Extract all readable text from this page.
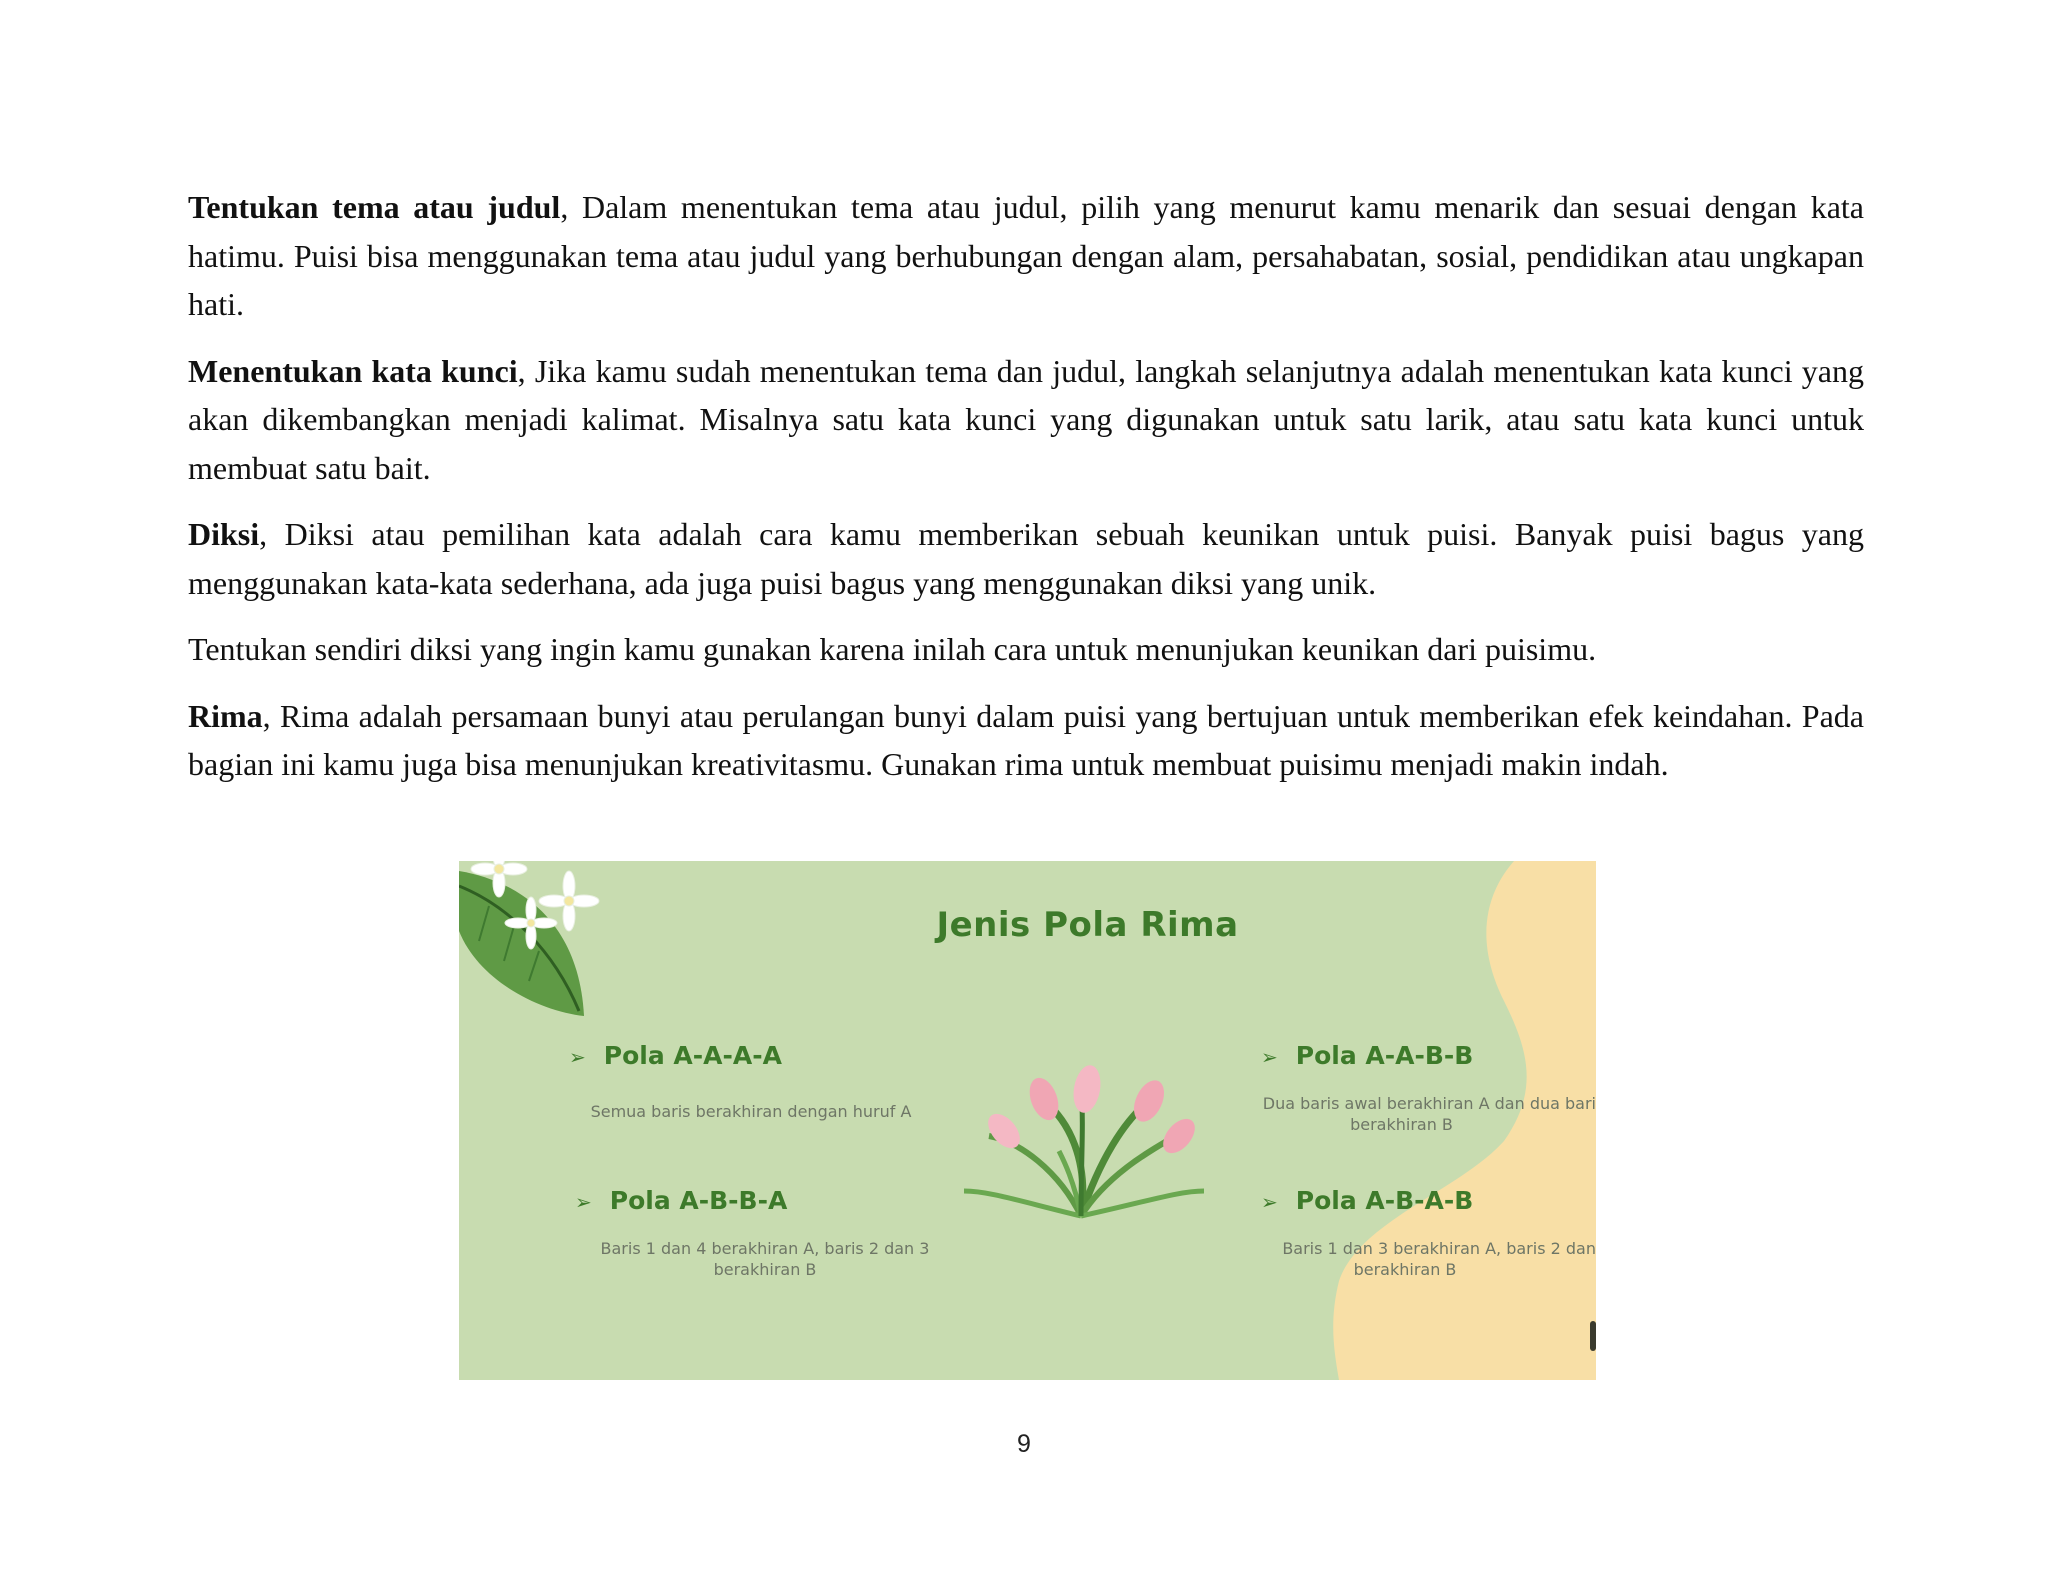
Tentukan tema atau judul, Dalam menentukan tema atau judul, pilih yang menurut kamu menarik dan sesuai dengan kata hatimu. Puisi bisa menggunakan tema atau judul yang berhubungan dengan alam, persahabatan, sosial, pendidikan atau ungkapan hati.

Menentukan kata kunci, Jika kamu sudah menentukan tema dan judul, langkah selanjutnya adalah menentukan kata kunci yang akan dikembangkan menjadi kalimat. Misalnya satu kata kunci yang digunakan untuk satu larik, atau satu kata kunci untuk membuat satu bait.

Diksi, Diksi atau pemilihan kata adalah cara kamu memberikan sebuah keunikan untuk puisi. Banyak puisi bagus yang menggunakan kata-kata sederhana, ada juga puisi bagus yang menggunakan diksi yang unik.

Tentukan sendiri diksi yang ingin kamu gunakan karena inilah cara untuk menunjukan keunikan dari puisimu.

Rima, Rima adalah persamaan bunyi atau perulangan bunyi dalam puisi yang bertujuan untuk memberikan efek keindahan. Pada bagian ini kamu juga bisa menunjukan kreativitasmu. Gunakan rima untuk membuat puisimu menjadi makin indah.

Jenis Pola Rima
➢ Pola A-A-A-A
Semua baris berakhiran dengan huruf A
➢ Pola A-A-B-B
Dua baris awal berakhiran A dan dua bari
berakhiran B
➢ Pola A-B-B-A
Baris 1 dan 4 berakhiran A, baris 2 dan 3
berakhiran B
➢ Pola A-B-A-B
Baris 1 dan 3 berakhiran A, baris 2 dan
berakhiran B
9
